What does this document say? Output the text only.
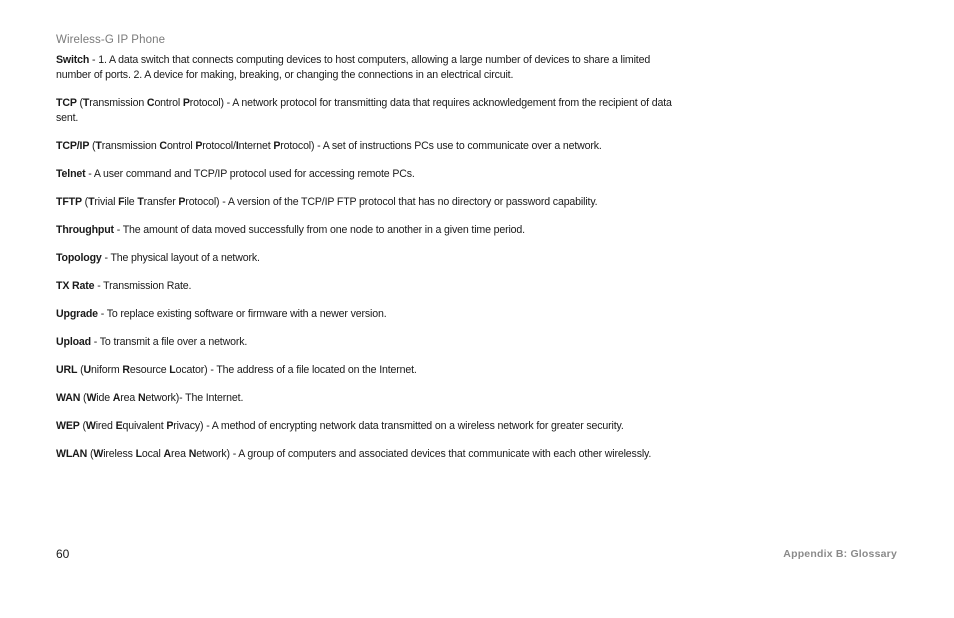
Wireless-G IP Phone

Switch - 1. A data switch that connects computing devices to host computers, allowing a large number of devices to share a limited number of ports. 2. A device for making, breaking, or changing the connections in an electrical circuit.

TCP (Transmission Control Protocol) - A network protocol for transmitting data that requires acknowledgement from the recipient of data sent.

TCP/IP (Transmission Control Protocol/Internet Protocol) - A set of instructions PCs use to communicate over a network.

Telnet - A user command and TCP/IP protocol used for accessing remote PCs.

TFTP (Trivial File Transfer Protocol) - A version of the TCP/IP FTP protocol that has no directory or password capability.

Throughput - The amount of data moved successfully from one node to another in a given time period.

Topology - The physical layout of a network.

TX Rate - Transmission Rate.

Upgrade - To replace existing software or firmware with a newer version.

Upload - To transmit a file over a network.

URL (Uniform Resource Locator) - The address of a file located on the Internet.

WAN (Wide Area Network)- The Internet.

WEP (Wired Equivalent Privacy) - A method of encrypting network data transmitted on a wireless network for greater security.

WLAN (Wireless Local Area Network) - A group of computers and associated devices that communicate with each other wirelessly.

60	Appendix B: Glossary
